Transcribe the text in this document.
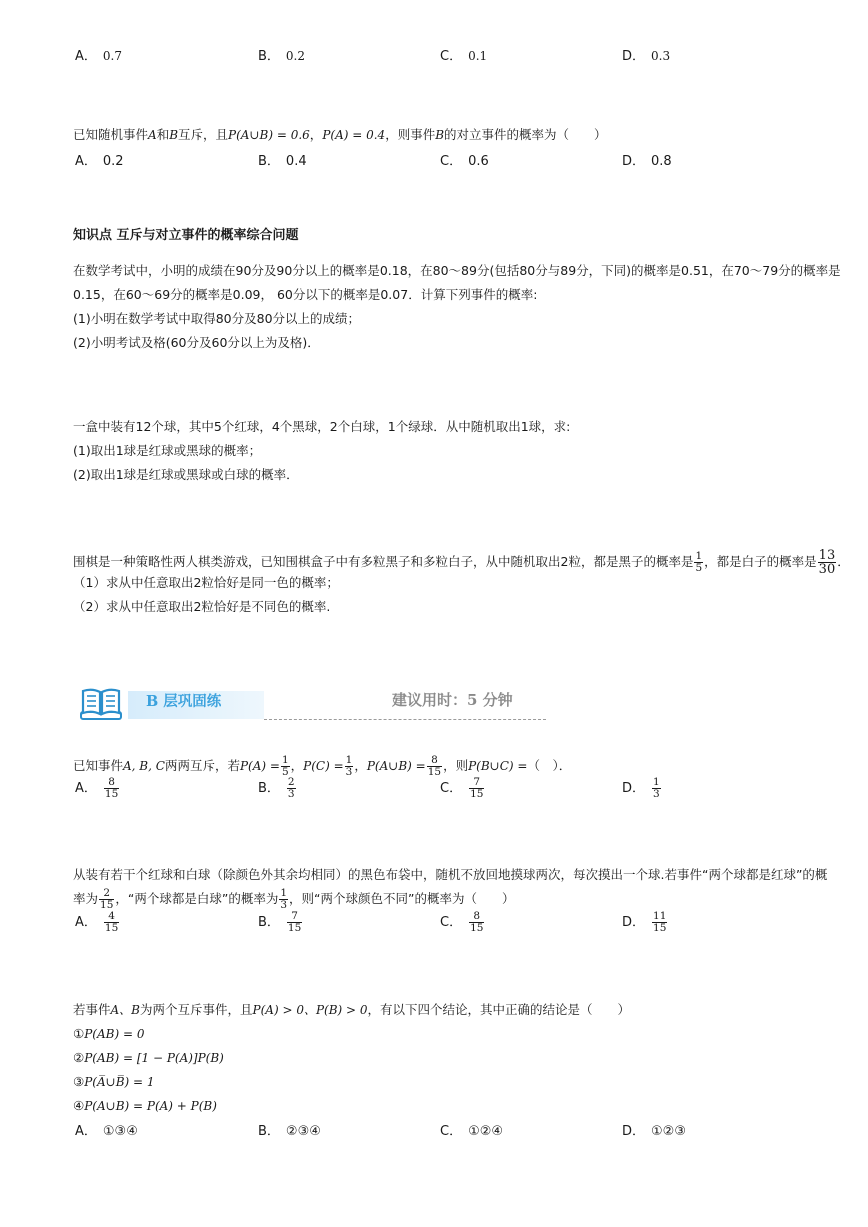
A． 0.7	B． 0.2	C． 0.1	D． 0.3
已知随机事件A和B互斥，且P(A∪B) = 0.6，P(A) = 0.4，则事件B的对立事件的概率为（　　）
A． 0.2	B． 0.4	C． 0.6	D． 0.8
知识点 互斥与对立事件的概率综合问题
在数学考试中，小明的成绩在90分及90分以上的概率是0.18，在80～89分(包括80分与89分，下同)的概率是0.51，在70～79分的概率是
0.15，在60～69分的概率是0.09， 60分以下的概率是0.07．计算下列事件的概率:
(1)小明在数学考试中取得80分及80分以上的成绩；
(2)小明考试及格(60分及60分以上为及格)．
一盒中装有12个球，其中5个红球，4个黑球，2个白球，1个绿球．从中随机取出1球，求:
(1)取出1球是红球或黑球的概率；
(2)取出1球是红球或黑球或白球的概率．
围棋是一种策略性两人棋类游戏，已知围棋盒子中有多粒黑子和多粒白子，从中随机取出2粒，都是黑子的概率是 $\frac{1}{5}$ ，都是白子的概率是 $\frac{13}{30}$ ．
（1）求从中任意取出2粒恰好是同一色的概率；
（2）求从中任意取出2粒恰好是不同色的概率.
B 层巩固练	建议用时：5 分钟
已知事件A, B, C两两互斥，若$P(A) = \frac{1}{5}$ ，$P(C) = \frac{1}{3}$ ，P(A∪B) = $\frac{8}{15}$ ，则P(B∪C) =（　）．
A． $\frac{8}{15}$	B． $\frac{2}{3}$	C． $\frac{7}{15}$	D． $\frac{1}{3}$
从装有若干个红球和白球（除颜色外其余均相同）的黑色布袋中，随机不放回地摸球两次，每次摸出一个球.若事件“两个球都是红球”的概
率为 $\frac{2}{15}$ ，“两个球都是白球”的概率为 $\frac{1}{3}$ ，则“两个球颜色不同”的概率为（　　）
A． $\frac{4}{15}$	B． $\frac{7}{15}$	C． $\frac{8}{15}$	D． $\frac{11}{15}$
若事件A、B为两个互斥事件，且P(A) > 0、P(B) > 0，有以下四个结论，其中正确的结论是（　　）
①P(AB) = 0
②P(AB) = [1 − P(A)]P(B)
③P(A̅∪B̅) = 1
④P(A∪B) = P(A) + P(B)
A． ①③④	B． ②③④	C． ①②④	D． ①②③
